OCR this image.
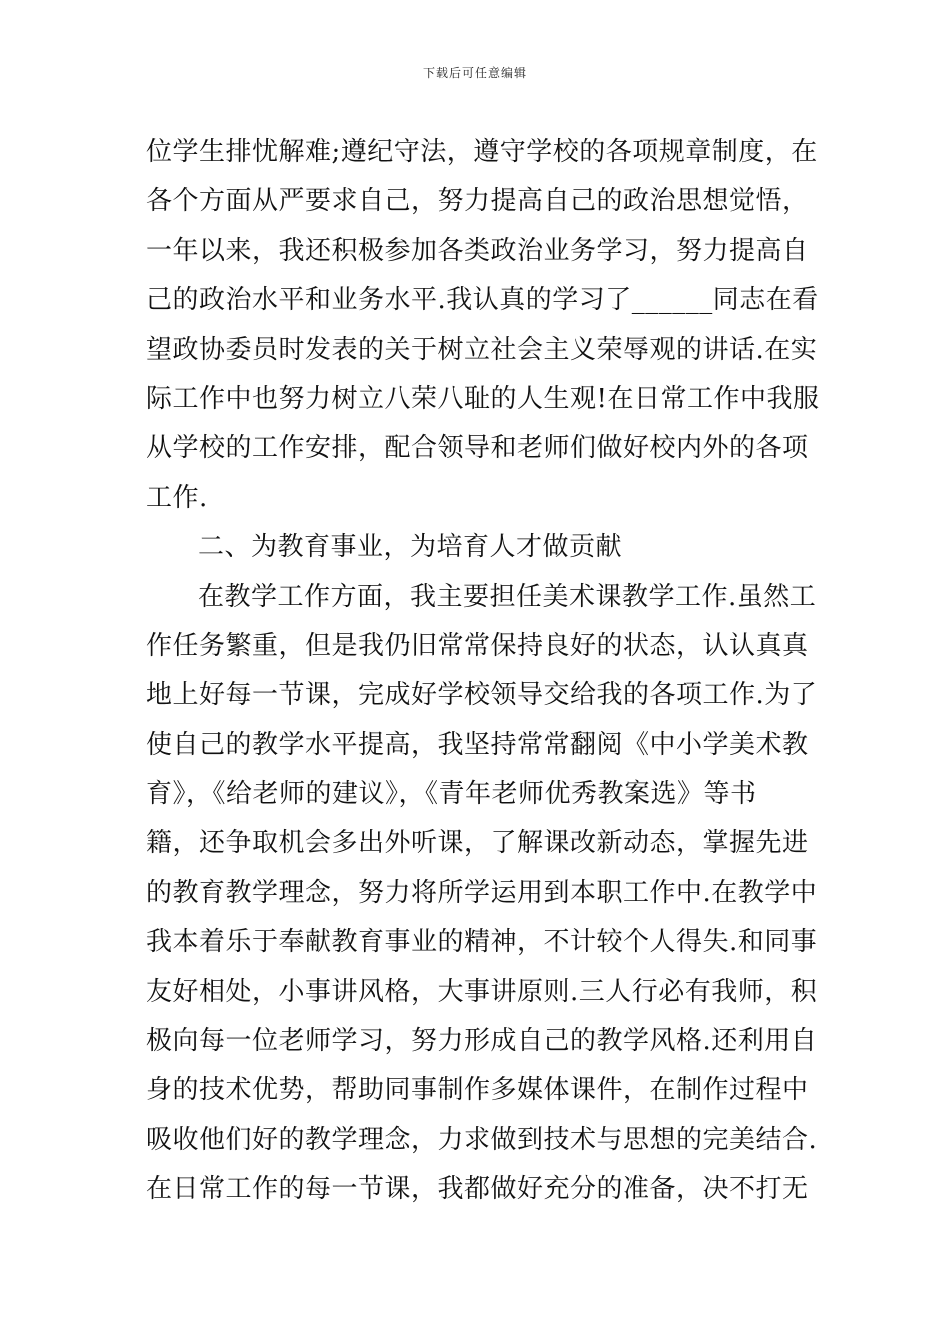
下载后可任意编辑
位学生排忧解难;遵纪守法，遵守学校的各项规章制度，在
各个方面从严要求自己，努力提高自己的政治思想觉悟，
一年以来，我还积极参加各类政治业务学习，努力提高自
己的政治水平和业务水平.我认真的学习了______同志在看
望政协委员时发表的关于树立社会主义荣辱观的讲话.在实
际工作中也努力树立八荣八耻的人生观!在日常工作中我服
从学校的工作安排，配合领导和老师们做好校内外的各项
工作.
二、为教育事业，为培育人才做贡献
在教学工作方面，我主要担任美术课教学工作.虽然工
作任务繁重，但是我仍旧常常保持良好的状态，认认真真
地上好每一节课，完成好学校领导交给我的各项工作.为了
使自己的教学水平提高，我坚持常常翻阅《中小学美术教
育》，《给老师的建议》，《青年老师优秀教案选》等书
籍，还争取机会多出外听课，了解课改新动态，掌握先进
的教育教学理念，努力将所学运用到本职工作中.在教学中
我本着乐于奉献教育事业的精神，不计较个人得失.和同事
友好相处，小事讲风格，大事讲原则.三人行必有我师，积
极向每一位老师学习，努力形成自己的教学风格.还利用自
身的技术优势，帮助同事制作多媒体课件，在制作过程中
吸收他们好的教学理念，力求做到技术与思想的完美结合.
在日常工作的每一节课，我都做好充分的准备，决不打无
